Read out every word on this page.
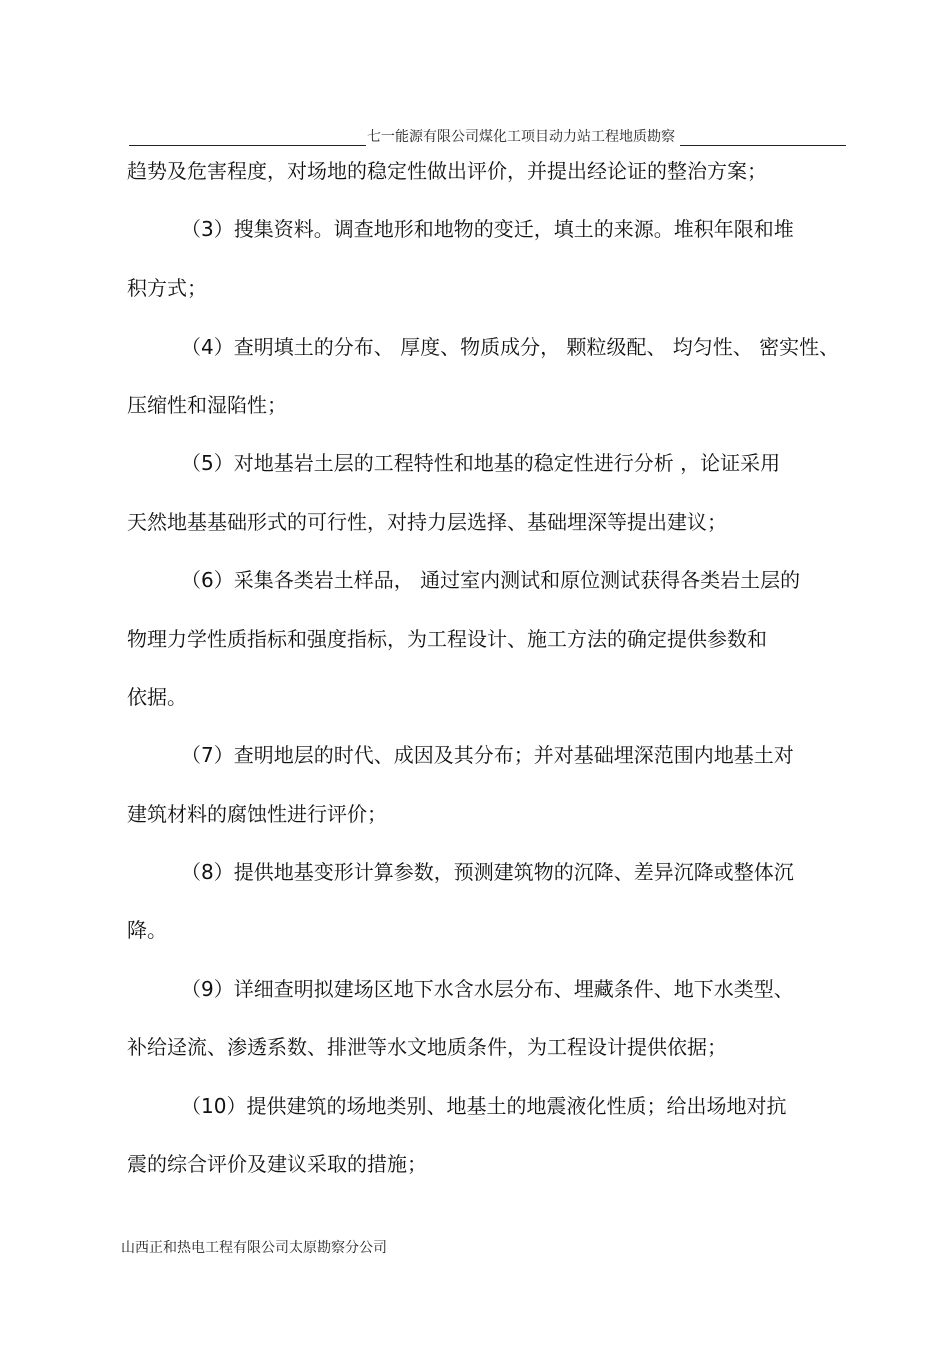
七一能源有限公司煤化工项目动力站工程地质勘察
趋势及危害程度，对场地的稳定性做出评价，并提出经论证的整治方案；
（3）搜集资料。调查地形和地物的变迁，填土的来源。堆积年限和堆
积方式；
（4）查明填土的分布、 厚度、物质成分， 颗粒级配、 均匀性、 密实性、
压缩性和湿陷性；
（5）对地基岩土层的工程特性和地基的稳定性进行分析 ，论证采用
天然地基基础形式的可行性，对持力层选择、基础埋深等提出建议；
（6）采集各类岩土样品， 通过室内测试和原位测试获得各类岩土层的
物理力学性质指标和强度指标，为工程设计、施工方法的确定提供参数和
依据。
（7）查明地层的时代、成因及其分布；并对基础埋深范围内地基土对
建筑材料的腐蚀性进行评价；
（8）提供地基变形计算参数，预测建筑物的沉降、差异沉降或整体沉
降。
（9）详细查明拟建场区地下水含水层分布、埋藏条件、地下水类型、
补给迳流、渗透系数、排泄等水文地质条件，为工程设计提供依据；
（10）提供建筑的场地类别、地基土的地震液化性质；给出场地对抗
震的综合评价及建议采取的措施；
山西正和热电工程有限公司太原勘察分公司
